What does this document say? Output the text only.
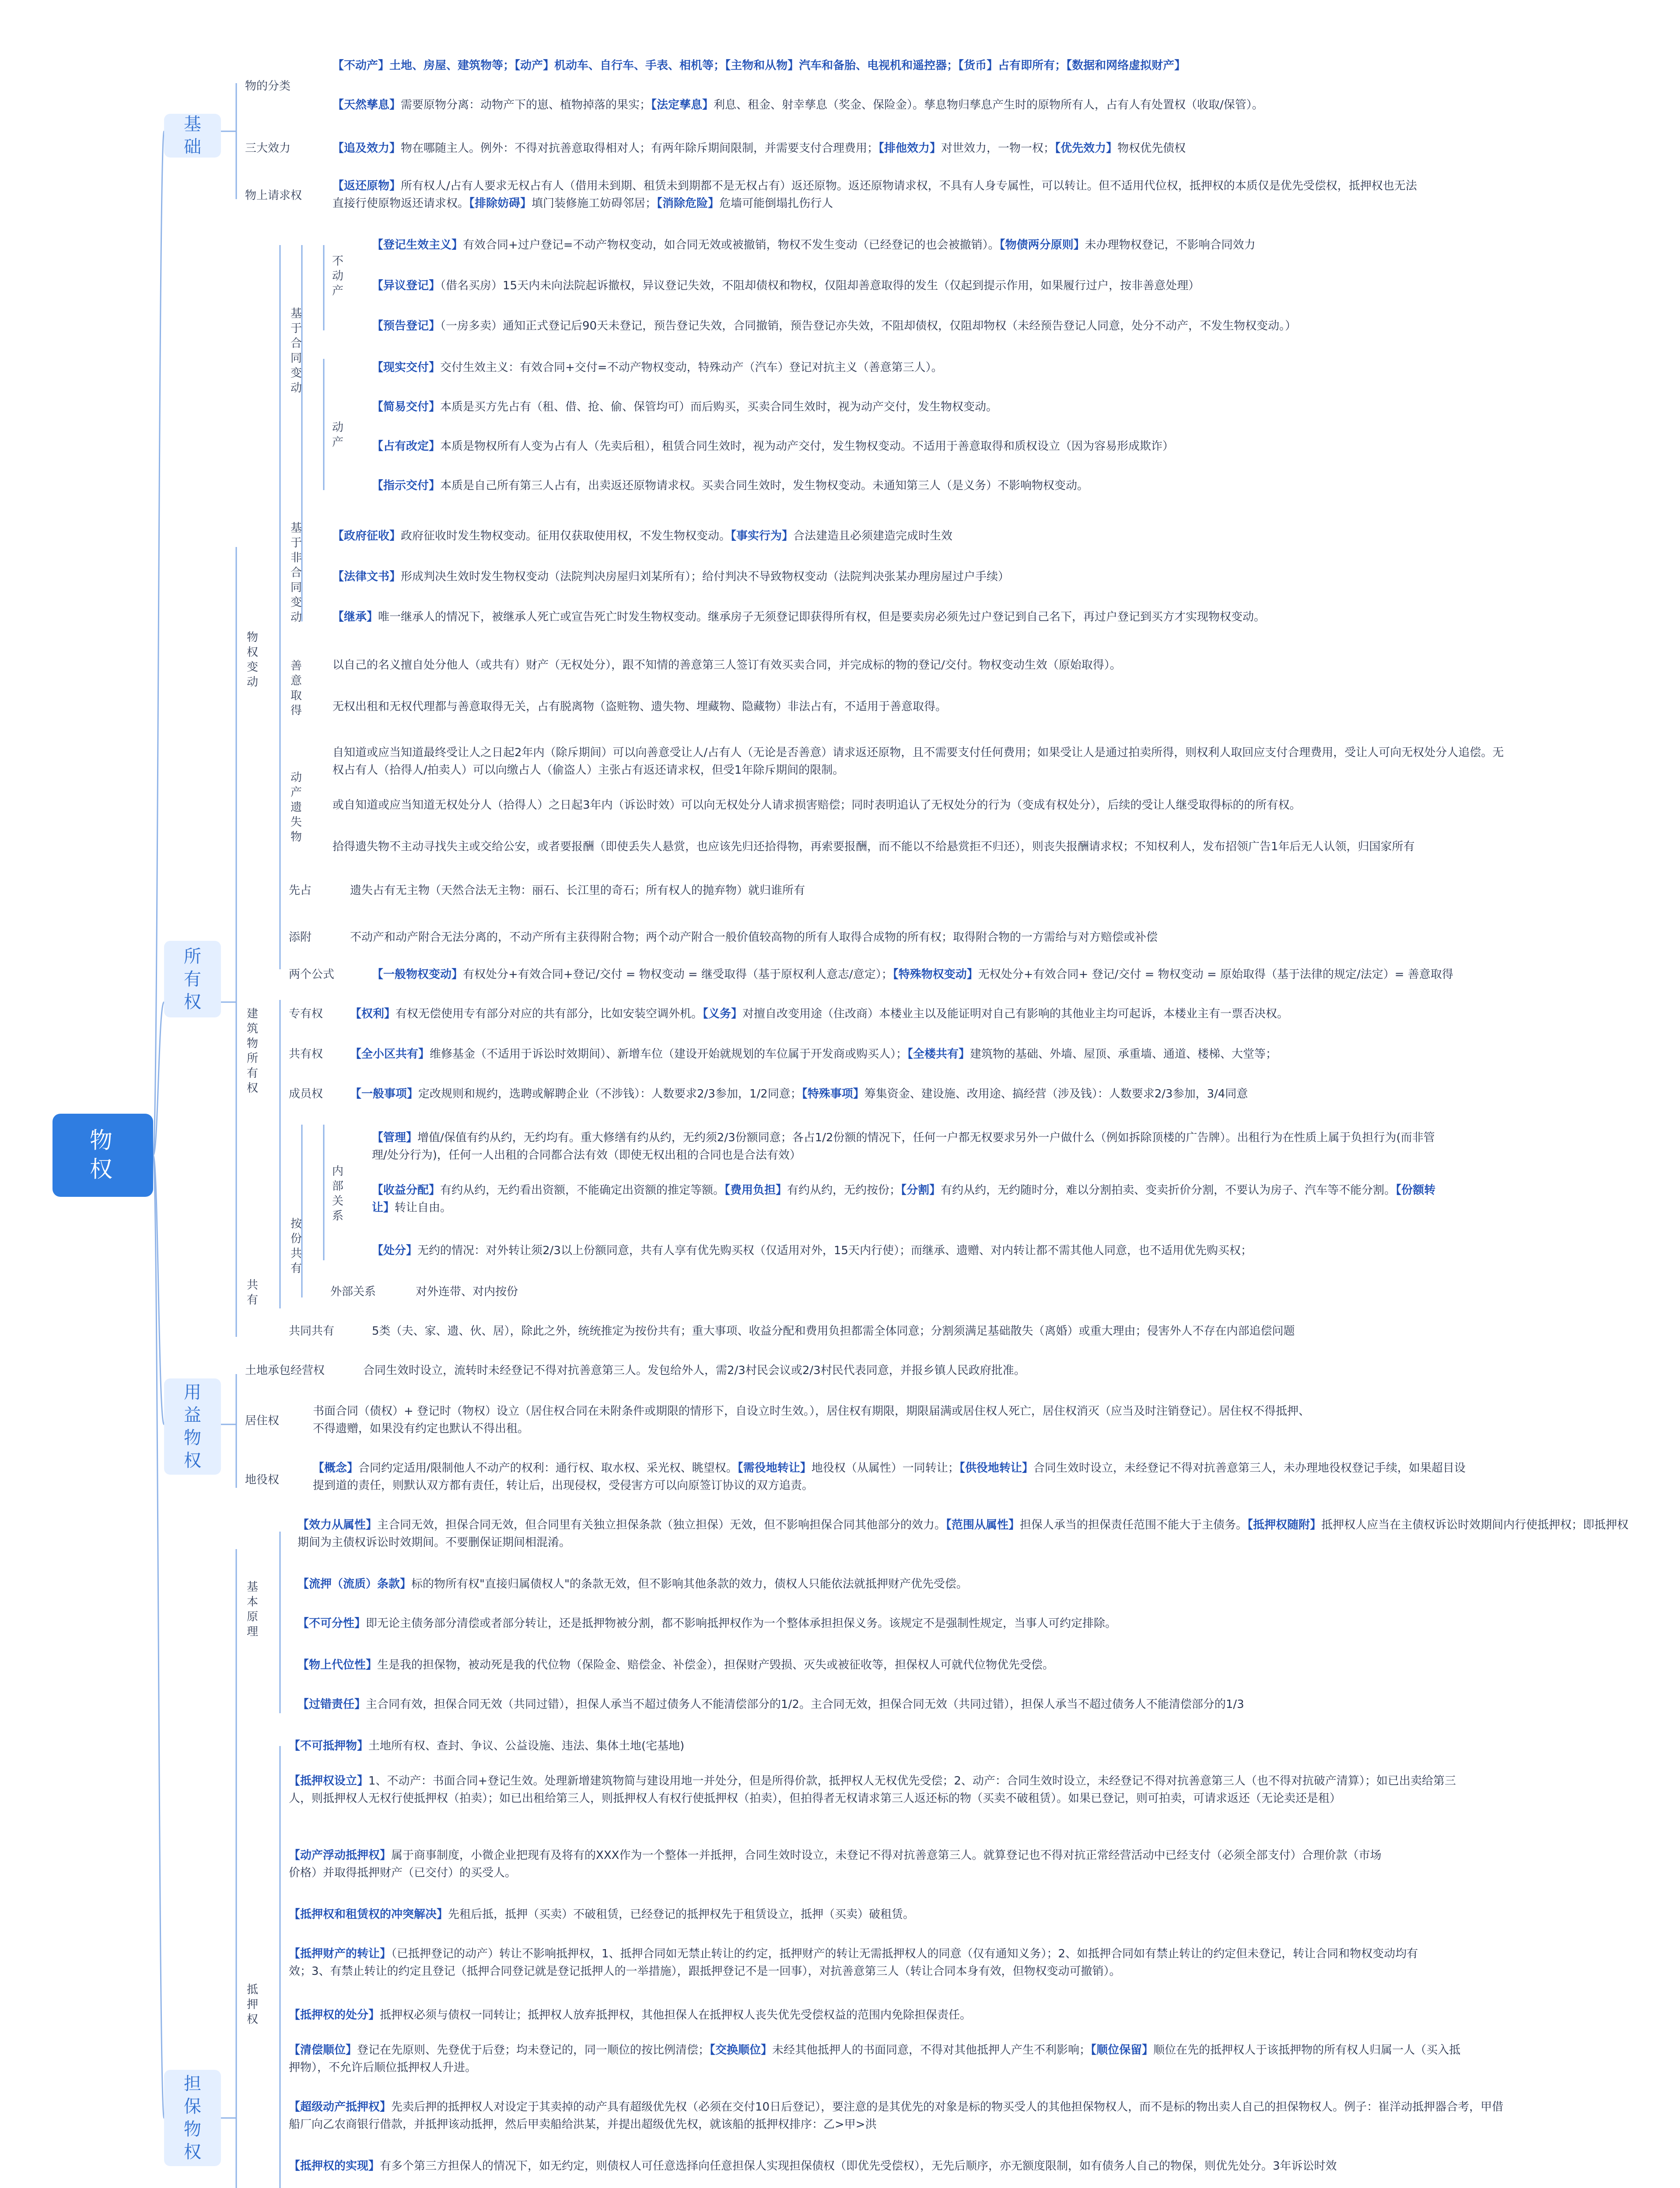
物
权
基
础
所
有
权
用
益
物
权
担
保
物
权
物的分类
三大效力
物上请求权
物
权
变
动
基
于
合
同
变
动
不
动
产
动
产
基
于
非
合
同
变
动
善
意
取
得
动
产
遗
失
物
先占
添附
两个公式
建
筑
物
所
有
权
专有权
共有权
成员权
共
有
按
份
共
有
内
部
关
系
外部关系
共同共有
土地承包经营权
居住权
地役权
基
本
原
理
抵
押
权
【不动产】土地、房屋、建筑物等；【动产】机动车、自行车、手表、相机等；【主物和从物】汽车和备胎、电视机和遥控器；【货币】占有即所有；【数据和网络虚拟财产】
【天然孳息】需要原物分离：动物产下的崽、植物掉落的果实；【法定孳息】利息、租金、射幸孳息（奖金、保险金）。孳息物归孳息产生时的原物所有人，占有人有处置权（收取/保管）。
【追及效力】物在哪随主人。例外：不得对抗善意取得相对人；有两年除斥期间限制，并需要支付合理费用；【排他效力】对世效力，一物一权；【优先效力】物权优先债权
【返还原物】所有权人/占有人要求无权占有人（借用未到期、租赁未到期都不是无权占有）返还原物。返还原物请求权，不具有人身专属性，可以转让。但不适用代位权，抵押权的本质仅是优先受偿权，抵押权也无法直接行使原物返还请求权。【排除妨碍】填门装修施工妨碍邻居；【消除危险】危墙可能倒塌扎伤行人
【登记生效主义】有效合同+过户登记=不动产物权变动，如合同无效或被撤销，物权不发生变动（已经登记的也会被撤销）。【物债两分原则】未办理物权登记，不影响合同效力
【异议登记】（借名买房）15天内未向法院起诉撤权，异议登记失效，不阻却债权和物权，仅阻却善意取得的发生（仅起到提示作用，如果履行过户，按非善意处理）
【预告登记】（一房多卖）通知正式登记后90天未登记，预告登记失效，合同撤销，预告登记亦失效，不阻却债权，仅阻却物权（未经预告登记人同意，处分不动产，不发生物权变动。）
【现实交付】交付生效主义：有效合同+交付=不动产物权变动，特殊动产（汽车）登记对抗主义（善意第三人）。
【简易交付】本质是买方先占有（租、借、抢、偷、保管均可）而后购买，买卖合同生效时，视为动产交付，发生物权变动。
【占有改定】本质是物权所有人变为占有人（先卖后租），租赁合同生效时，视为动产交付，发生物权变动。不适用于善意取得和质权设立（因为容易形成欺诈）
【指示交付】本质是自己所有第三人占有，出卖返还原物请求权。买卖合同生效时，发生物权变动。未通知第三人（是义务）不影响物权变动。
【政府征收】政府征收时发生物权变动。征用仅获取使用权，不发生物权变动。【事实行为】合法建造且必须建造完成时生效
【法律文书】形成判决生效时发生物权变动（法院判决房屋归刘某所有）；给付判决不导致物权变动（法院判决张某办理房屋过户手续）
【继承】唯一继承人的情况下，被继承人死亡或宣告死亡时发生物权变动。继承房子无须登记即获得所有权，但是要卖房必须先过户登记到自己名下，再过户登记到买方才实现物权变动。
以自己的名义擅自处分他人（或共有）财产（无权处分），跟不知情的善意第三人签订有效买卖合同，并完成标的物的登记/交付。物权变动生效（原始取得）。
无权出租和无权代理都与善意取得无关，占有脱离物（盗赃物、遗失物、埋藏物、隐藏物）非法占有，不适用于善意取得。
自知道或应当知道最终受让人之日起2年内（除斥期间）可以向善意受让人/占有人（无论是否善意）请求返还原物，且不需要支付任何费用；如果受让人是通过拍卖所得，则权利人取回应支付合理费用，受让人可向无权处分人追偿。无权占有人（拾得人/拍卖人）可以向缴占人（偷盗人）主张占有返还请求权，但受1年除斥期间的限制。
或自知道或应当知道无权处分人（拾得人）之日起3年内（诉讼时效）可以向无权处分人请求损害赔偿；同时表明追认了无权处分的行为（变成有权处分），后续的受让人继受取得标的的所有权。
拾得遗失物不主动寻找失主或交给公安，或者要报酬（即使丢失人悬赏，也应该先归还拾得物，再索要报酬，而不能以不给悬赏拒不归还），则丧失报酬请求权；不知权利人，发布招领广告1年后无人认领，归国家所有
遗失占有无主物（天然合法无主物：丽石、长江里的奇石；所有权人的抛弃物）就归谁所有
不动产和动产附合无法分离的，不动产所有主获得附合物；两个动产附合一般价值较高物的所有人取得合成物的所有权；取得附合物的一方需给与对方赔偿或补偿
【一般物权变动】有权处分+有效合同+登记/交付 = 物权变动 = 继受取得（基于原权利人意志/意定）；【特殊物权变动】无权处分+有效合同+ 登记/交付 = 物权变动 = 原始取得（基于法律的规定/法定）= 善意取得
【权利】有权无偿使用专有部分对应的共有部分，比如安装空调外机。【义务】对擅自改变用途（住改商）本楼业主以及能证明对自己有影响的其他业主均可起诉，本楼业主有一票否决权。
【全小区共有】维修基金（不适用于诉讼时效期间）、新增车位（建设开始就规划的车位属于开发商或购买人）；【全楼共有】建筑物的基础、外墙、屋顶、承重墙、通道、楼梯、大堂等；
【一般事项】定改规则和规约，选聘或解聘企业（不涉钱）：人数要求2/3参加，1/2同意；【特殊事项】筹集资金、建设施、改用途、搞经营（涉及钱）：人数要求2/3参加，3/4同意
【管理】增值/保值有约从约，无约均有。重大修缮有约从约，无约须2/3份额同意；各占1/2份额的情况下，任何一户都无权要求另外一户做什么（例如拆除顶楼的广告牌）。出租行为在性质上属于负担行为(而非管理/处分行为)，任何一人出租的合同都合法有效（即使无权出租的合同也是合法有效）
【收益分配】有约从约，无约看出资额，不能确定出资额的推定等额。【费用负担】有约从约，无约按份；【分割】有约从约，无约随时分，难以分割拍卖、变卖折价分割，不要认为房子、汽车等不能分割。【份额转让】转让自由。
【处分】无约的情况：对外转让须2/3以上份额同意，共有人享有优先购买权（仅适用对外，15天内行使）；而继承、遗赠、对内转让都不需其他人同意，也不适用优先购买权；
对外连带、对内按份
5类（夫、家、遗、伙、居），除此之外，统统推定为按份共有；重大事项、收益分配和费用负担都需全体同意；分割须满足基础散失（离婚）或重大理由；侵害外人不存在内部追偿问题
合同生效时设立，流转时未经登记不得对抗善意第三人。发包给外人，需2/3村民会议或2/3村民代表同意，并报乡镇人民政府批准。
书面合同（债权）+ 登记时（物权）设立（居住权合同在未附条件或期限的情形下，自设立时生效。），居住权有期限，期限届满或居住权人死亡，居住权消灭（应当及时注销登记）。居住权不得抵押、不得遗赠，如果没有约定也默认不得出租。
【概念】合同约定适用/限制他人不动产的权利：通行权、取水权、采光权、眺望权。【需役地转让】地役权（从属性）一同转让；【供役地转让】合同生效时设立，未经登记不得对抗善意第三人，未办理地役权登记手续，如果超目设提到道的责任，则默认双方都有责任，转让后，出现侵权，受侵害方可以向原签订协议的双方追责。
【效力从属性】主合同无效，担保合同无效，但合同里有关独立担保条款（独立担保）无效，但不影响担保合同其他部分的效力。【范围从属性】担保人承当的担保责任范围不能大于主债务。【抵押权随附】抵押权人应当在主债权诉讼时效期间内行使抵押权；即抵押权期间为主债权诉讼时效期间。不要删保证期间相混淆。
【流押（流质）条款】标的物所有权"直接归属债权人"的条款无效，但不影响其他条款的效力，债权人只能依法就抵押财产优先受偿。
【不可分性】即无论主债务部分清偿或者部分转让，还是抵押物被分割，都不影响抵押权作为一个整体承担担保义务。该规定不是强制性规定，当事人可约定排除。
【物上代位性】生是我的担保物，被动死是我的代位物（保险金、赔偿金、补偿金），担保财产毁损、灭失或被征收等，担保权人可就代位物优先受偿。
【过错责任】主合同有效，担保合同无效（共同过错），担保人承当不超过债务人不能清偿部分的1/2。主合同无效，担保合同无效（共同过错），担保人承当不超过债务人不能清偿部分的1/3
【不可抵押物】土地所有权、查封、争议、公益设施、违法、集体土地(宅基地)
【抵押权设立】1、不动产：书面合同+登记生效。处理新增建筑物简与建设用地一并处分，但是所得价款，抵押权人无权优先受偿；2、动产：合同生效时设立，未经登记不得对抗善意第三人（也不得对抗破产清算）；如已出卖给第三人，则抵押权人无权行使抵押权（拍卖）；如已出租给第三人，则抵押权人有权行使抵押权（拍卖），但拍得者无权请求第三人返还标的物（买卖不破租赁）。如果已登记，则可拍卖，可请求返还（无论卖还是租）
【动产浮动抵押权】属于商事制度，小微企业把现有及将有的XXX作为一个整体一并抵押，合同生效时设立，未登记不得对抗善意第三人。就算登记也不得对抗正常经营活动中已经支付（必须全部支付）合理价款（市场价格）并取得抵押财产（已交付）的买受人。
【抵押权和租赁权的冲突解决】先租后抵，抵押（买卖）不破租赁，已经登记的抵押权先于租赁设立，抵押（买卖）破租赁。
【抵押财产的转让】（已抵押登记的动产）转让不影响抵押权，1、抵押合同如无禁止转让的约定，抵押财产的转让无需抵押权人的同意（仅有通知义务）；2、如抵押合同如有禁止转让的约定但未登记，转让合同和物权变动均有效；3、有禁止转让的约定且登记（抵押合同登记就是登记抵押人的一举措施），跟抵押登记不是一回事），对抗善意第三人（转让合同本身有效，但物权变动可撤销）。
【抵押权的处分】抵押权必须与债权一同转让；抵押权人放弃抵押权，其他担保人在抵押权人丧失优先受偿权益的范围内免除担保责任。
【清偿顺位】登记在先原则、先登优于后登；均未登记的，同一顺位的按比例清偿；【交换顺位】未经其他抵押人的书面同意，不得对其他抵押人产生不利影响；【顺位保留】顺位在先的抵押权人于该抵押物的所有权人归属一人（买入抵押物），不允许后顺位抵押权人升进。
【超级动产抵押权】先卖后押的抵押权人对设定于其卖掉的动产具有超级优先权（必须在交付10日后登记），要注意的是其优先的对象是标的物买受人的其他担保物权人，而不是标的物出卖人自己的担保物权人。例子：崔洋动抵押器合考，甲借船厂向乙农商银行借款，并抵押该动抵押，然后甲卖船给洪某，并提出超级优先权，就该船的抵押权排序：乙>甲>洪
【抵押权的实现】有多个第三方担保人的情况下，如无约定，则债权人可任意选择向任意担保人实现担保债权（即优先受偿权），无先后顺序，亦无额度限制，如有债务人自己的物保，则优先处分。3年诉讼时效
